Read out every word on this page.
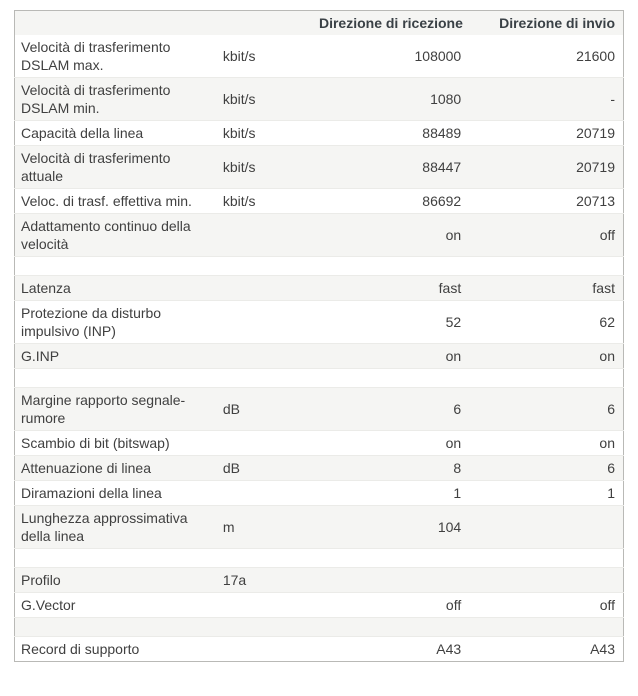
		Direzione di ricezione	Direzione di invio
Velocità di trasferimento DSLAM max.	kbit/s	108000	21600
Velocità di trasferimento DSLAM min.	kbit/s	1080	-
Capacità della linea	kbit/s	88489	20719
Velocità di trasferimento attuale	kbit/s	88447	20719
Veloc. di trasf. effettiva min.	kbit/s	86692	20713
Adattamento continuo della velocità		on	off

Latenza		fast	fast
Protezione da disturbo impulsivo (INP)		52	62
G.INP		on	on

Margine rapporto segnale-rumore	dB	6	6
Scambio di bit (bitswap)		on	on
Attenuazione di linea	dB	8	6
Diramazioni della linea		1	1
Lunghezza approssimativa della linea	m	104	

Profilo	17a		
G.Vector		off	off

Record di supporto		A43	A43
